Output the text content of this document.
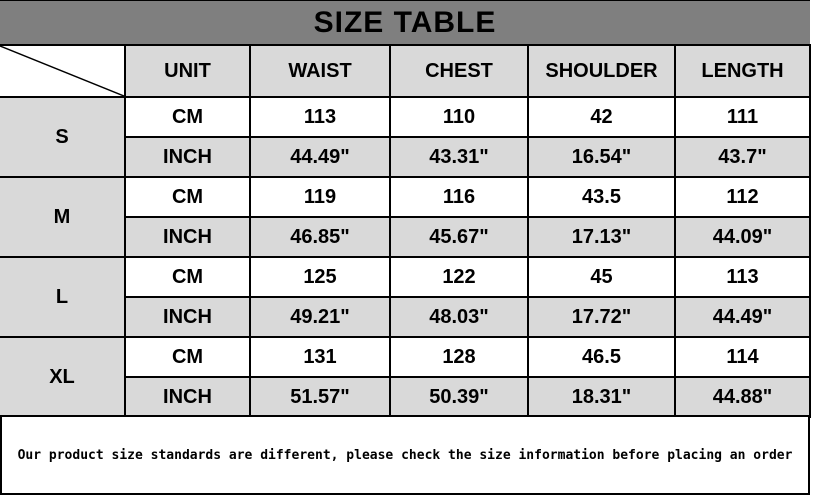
SIZE TABLE
	UNIT	WAIST	CHEST	SHOULDER	LENGTH
S	CM	113	110	42	111
	INCH	44.49"	43.31"	16.54"	43.7"
M	CM	119	116	43.5	112
	INCH	46.85"	45.67"	17.13"	44.09"
L	CM	125	122	45	113
	INCH	49.21"	48.03"	17.72"	44.49"
XL	CM	131	128	46.5	114
	INCH	51.57"	50.39"	18.31"	44.88"
Our product size standards are different, please check the size information before placing an order
